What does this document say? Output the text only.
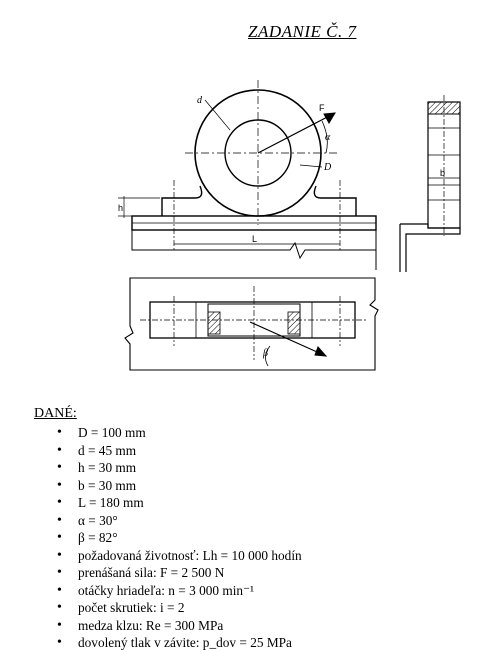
ZADANIE Č. 7
d
F
α
D
h
L
b
β
DANÉ:
• D = 100 mm
• d = 45 mm
• h = 30 mm
• b = 30 mm
• L = 180 mm
• α = 30°
• β = 82°
• požadovaná životnosť: Lh = 10 000 hodín
• prenášaná sila: F = 2 500 N
• otáčky hriadeľa: n = 3 000 min⁻¹
• počet skrutiek: i = 2
• medza klzu: Re = 300 MPa
• dovolený tlak v závite: p_dov = 25 MPa
